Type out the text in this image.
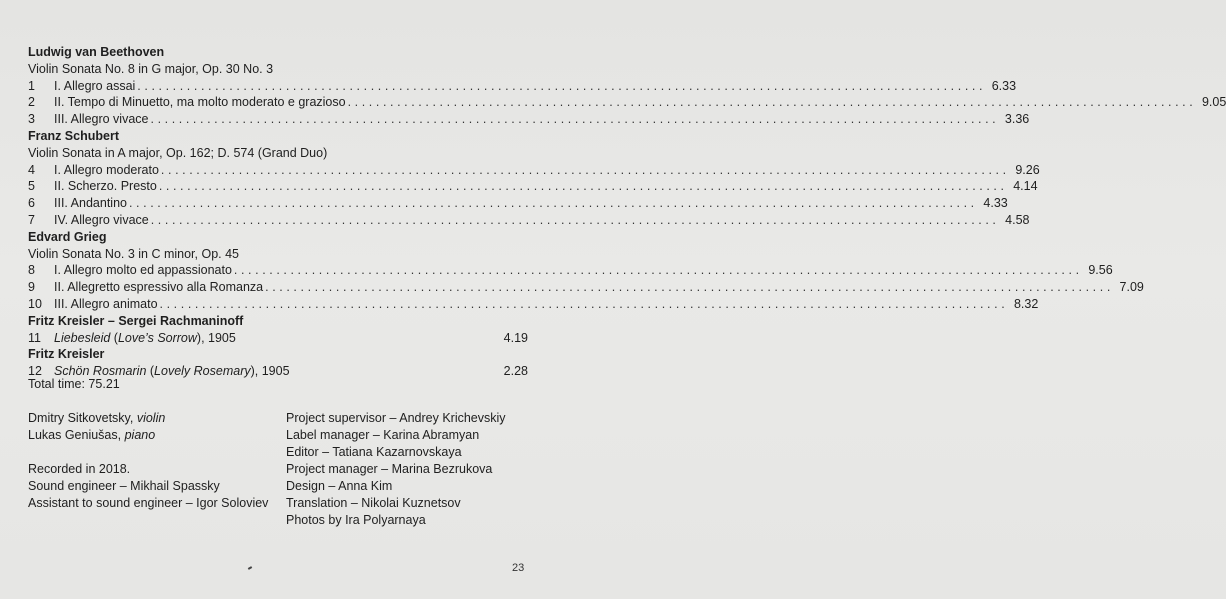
Ludwig van Beethoven
Violin Sonata No. 8 in G major, Op. 30 No. 3
1	I. Allegro assai ........................................................................................................................ 6.33
2	II. Tempo di Minuetto, ma molto moderato e grazioso ........................................................................................................................ 9.05
3	III. Allegro vivace ........................................................................................................................ 3.36
Franz Schubert
Violin Sonata in A major, Op. 162; D. 574 (Grand Duo)
4	I. Allegro moderato ........................................................................................................................ 9.26
5	II. Scherzo. Presto ........................................................................................................................ 4.14
6	III. Andantino ........................................................................................................................ 4.33
7	IV. Allegro vivace ........................................................................................................................ 4.58
Edvard Grieg
Violin Sonata No. 3 in C minor, Op. 45
8	I. Allegro molto ed appassionato ........................................................................................................................ 9.56
9	II. Allegretto espressivo alla Romanza ........................................................................................................................ 7.09
10 III. Allegro animato ........................................................................................................................ 8.32
Fritz Kreisler – Sergei Rachmaninoff
11	Liebesleid (Love’s Sorrow), 1905	4.19
Fritz Kreisler
12 Schön Rosmarin (Lovely Rosemary), 1905	2.28
Total time: 75.21
Dmitry Sitkovetsky, violin
Lukas Geniušas, piano
Recorded in 2018.
Sound engineer – Mikhail Spassky
Assistant to sound engineer – Igor Soloviev
Project supervisor – Andrey Krichevskiy
Label manager – Karina Abramyan
Editor – Tatiana Kazarnovskaya
Project manager – Marina Bezrukova
Design – Anna Kim
Translation – Nikolai Kuznetsov
Photos by Ira Polyarnaya
23
